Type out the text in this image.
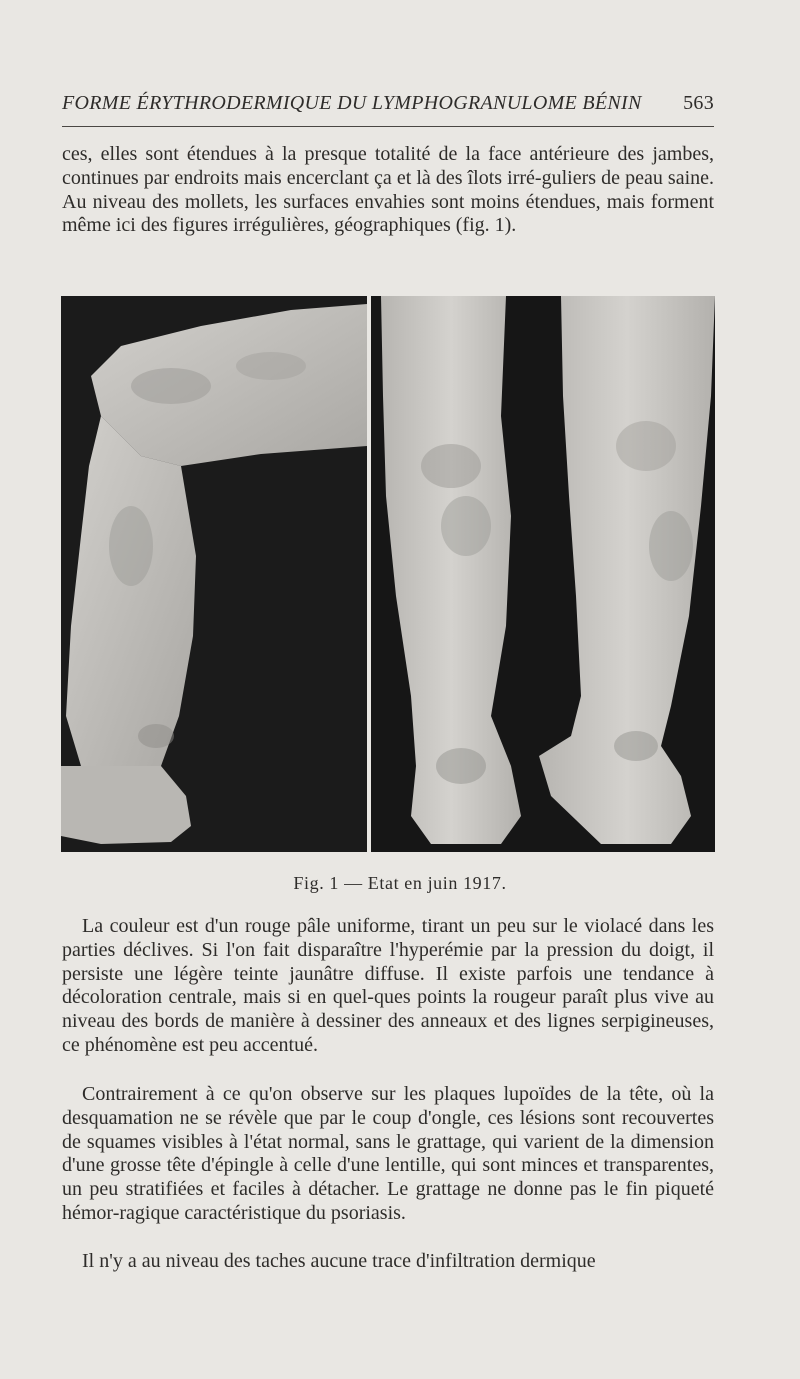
FORME ÉRYTHRODERMIQUE DU LYMPHOGRANULOME BÉNIN 563

ces, elles sont étendues à la presque totalité de la face antérieure des jambes, continues par endroits mais encerclant ça et là des îlots irré-guliers de peau saine. Au niveau des mollets, les surfaces envahies sont moins étendues, mais forment même ici des figures irrégulières, géographiques (fig. 1).

Fig. 1 — Etat en juin 1917.

La couleur est d'un rouge pâle uniforme, tirant un peu sur le violacé dans les parties déclives. Si l'on fait disparaître l'hyperémie par la pression du doigt, il persiste une légère teinte jaunâtre diffuse. Il existe parfois une tendance à décoloration centrale, mais si en quel-ques points la rougeur paraît plus vive au niveau des bords de manière à dessiner des anneaux et des lignes serpigineuses, ce phénomène est peu accentué.

Contrairement à ce qu'on observe sur les plaques lupoïdes de la tête, où la desquamation ne se révèle que par le coup d'ongle, ces lésions sont recouvertes de squames visibles à l'état normal, sans le grattage, qui varient de la dimension d'une grosse tête d'épingle à celle d'une lentille, qui sont minces et transparentes, un peu stratifiées et faciles à détacher. Le grattage ne donne pas le fin piqueté hémor-ragique caractéristique du psoriasis.

Il n'y a au niveau des taches aucune trace d'infiltration dermique
